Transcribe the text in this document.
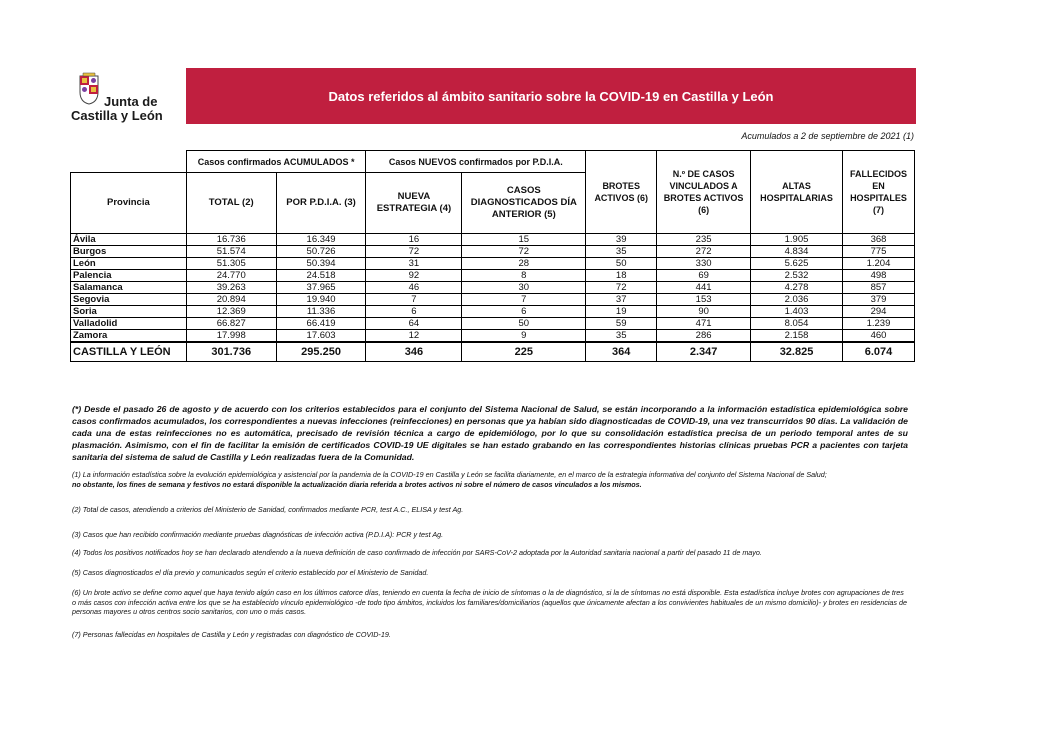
Junta de
Castilla y León
Datos referidos al ámbito sanitario sobre la COVID-19 en Castilla y León
Acumulados a 2 de septiembre de 2021 (1)
	Casos confirmados ACUMULADOS *		Casos NUEVOS confirmados por P.D.I.A.		BROTES ACTIVOS (6)	N.º DE CASOS VINCULADOS A BROTES ACTIVOS (6)	ALTAS HOSPITALARIAS	FALLECIDOS EN HOSPITALES (7)
Provincia	TOTAL (2)	POR P.D.I.A. (3)	NUEVA ESTRATEGIA (4)	CASOS DIAGNOSTICADOS DÍA ANTERIOR (5)				
Ávila	16.736	16.349	16	15	39	235	1.905	368
Burgos	51.574	50.726	72	72	35	272	4.834	775
León	51.305	50.394	31	28	50	330	5.625	1.204
Palencia	24.770	24.518	92	8	18	69	2.532	498
Salamanca	39.263	37.965	46	30	72	441	4.278	857
Segovia	20.894	19.940	7	7	37	153	2.036	379
Soria	12.369	11.336	6	6	19	90	1.403	294
Valladolid	66.827	66.419	64	50	59	471	8.054	1.239
Zamora	17.998	17.603	12	9	35	286	2.158	460
CASTILLA Y LEÓN	301.736	295.250	346	225	364	2.347	32.825	6.074

(*) Desde el pasado 26 de agosto y de acuerdo con los criterios establecidos para el conjunto del Sistema Nacional de Salud, se están incorporando a la información estadística epidemiológica sobre casos confirmados acumulados, los correspondientes a nuevas infecciones (reinfecciones) en personas que ya habían sido diagnosticadas de COVID-19, una vez transcurridos 90 días. La validación de cada una de estas reinfecciones no es automática, precisado de revisión técnica a cargo de epidemiólogo, por lo que su consolidación estadística precisa de un periodo temporal antes de su plasmación. Asimismo, con el fin de facilitar la emisión de certificados COVID-19 UE digitales se han estado grabando en las correspondientes historias clínicas pruebas PCR a pacientes con tarjeta sanitaria del sistema de salud de Castilla y León realizadas fuera de la Comunidad.

(1) La información estadística sobre la evolución epidemiológica y asistencial por la pandemia de la COVID-19 en Castilla y León se facilita diariamente, en el marco de la estrategia informativa del conjunto del Sistema Nacional de Salud;
no obstante, los fines de semana y festivos no estará disponible la actualización diaria referida a brotes activos ni sobre el número de casos vinculados a los mismos.

(2) Total de casos, atendiendo a criterios del Ministerio de Sanidad, confirmados mediante PCR, test A.C., ELISA y test Ag.

(3) Casos que han recibido confirmación mediante pruebas diagnósticas de infección activa (P.D.I.A): PCR y test Ag.

(4) Todos los positivos notificados hoy se han declarado atendiendo a la nueva definición de caso confirmado de infección por SARS-CoV-2 adoptada por la Autoridad sanitaria nacional a partir del pasado 11 de mayo.

(5) Casos diagnosticados el día previo y comunicados según el criterio establecido por el Ministerio de Sanidad.

(6) Un brote activo se define como aquel que haya tenido algún caso en los últimos catorce días, teniendo en cuenta la fecha de inicio de síntomas o la de diagnóstico, si la de síntomas no está disponible. Esta estadística incluye brotes con agrupaciones de tres o más casos con infección activa entre los que se ha establecido vínculo epidemiológico -de todo tipo ámbitos, incluidos los familiares/domiciliarios (aquellos que únicamente afectan a los convivientes habituales de un mismo domicilio)- y brotes en residencias de personas mayores u otros centros socio sanitarios, con uno o más casos.

(7) Personas fallecidas en hospitales de Castilla y León y registradas con diagnóstico de COVID-19.
